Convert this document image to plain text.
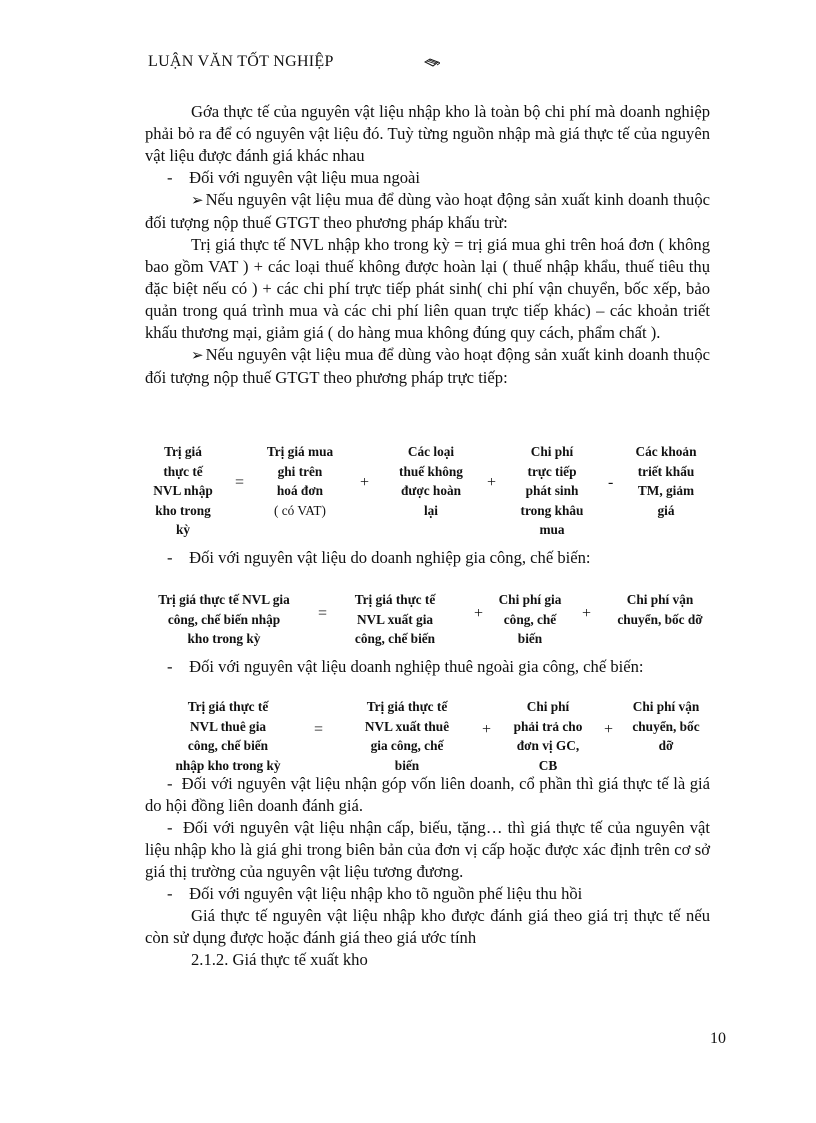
LUẬN VĂN TỐT NGHIỆP

Gớa thực tế của nguyên vật liệu nhập kho là toàn bộ chi phí mà doanh nghiệp phải bỏ ra để có nguyên vật liệu đó. Tuỳ từng nguồn nhập mà giá thực tế của nguyên vật liệu được đánh giá khác nhau

-    Đối với nguyên vật liệu mua ngoài

➢ Nếu nguyên vật liệu mua để dùng vào hoạt động sản xuất kinh doanh thuộc đối tượng nộp thuế GTGT theo phương pháp khấu trừ:

Trị giá thực tế NVL nhập kho trong kỳ = trị giá mua ghi trên hoá đơn ( không bao gồm VAT ) + các loại thuế không được hoàn lại ( thuế nhập khẩu, thuế tiêu thụ đặc biệt nếu có ) + các chi phí trực tiếp phát sinh( chi phí vận chuyển, bốc xếp, bảo quản trong quá trình mua và các chi phí liên quan trực tiếp khác) – các khoản triết khấu thương mại, giảm giá ( do hàng mua không đúng quy cách, phẩm chất ).

➢ Nếu nguyên vật liệu mua để dùng vào hoạt động sản xuất kinh doanh thuộc đối tượng nộp thuế GTGT theo phương pháp trực tiếp:

Trị giá
thực tế
NVL nhập
kho trong
kỳ
=
Trị giá mua
ghi trên
hoá đơn
( có VAT)
+
Các loại
thuế không
được hoàn
lại
+
Chi phí
trực tiếp
phát sinh
trong khâu
mua
-
Các khoản
triết khấu
TM, giảm
giá

-    Đối với nguyên vật liệu do doanh nghiệp gia công, chế biến:

Trị giá thực tế NVL gia
công, chế biến nhập
kho trong kỳ
=
Trị giá thực tế
NVL xuất gia
công, chế biến
+
Chi phí gia
công, chế
biến
+
Chi phí vận
chuyển, bốc dỡ

-    Đối với nguyên vật liệu doanh nghiệp thuê ngoài gia công, chế biến:

Trị giá thực tế
NVL thuê gia
công, chế biến
nhập kho trong kỳ
=
Trị giá thực tế
NVL xuất thuê
gia công, chế
biến
+
Chi phí
phải trả cho
đơn vị GC,
CB
+
Chi phí vận
chuyển, bốc
dỡ

-  Đối với nguyên vật liệu nhận góp vốn liên doanh, cổ phần thì giá thực tế là giá do hội đồng liên doanh đánh giá.

-  Đối với nguyên vật liệu nhận cấp, biếu, tặng… thì giá thực tế của nguyên vật liệu nhập kho là giá ghi trong biên bản của đơn vị cấp hoặc được xác định trên cơ sở giá thị trường của nguyên vật liệu tương đương.

-    Đối với nguyên vật liệu nhập kho tõ nguồn phế liệu thu hồi

Giá thực tế nguyên vật liệu nhập kho được đánh giá theo giá trị thực tế nếu còn sử dụng được hoặc đánh giá theo giá ước tính

2.1.2. Giá thực tế xuất kho

10
